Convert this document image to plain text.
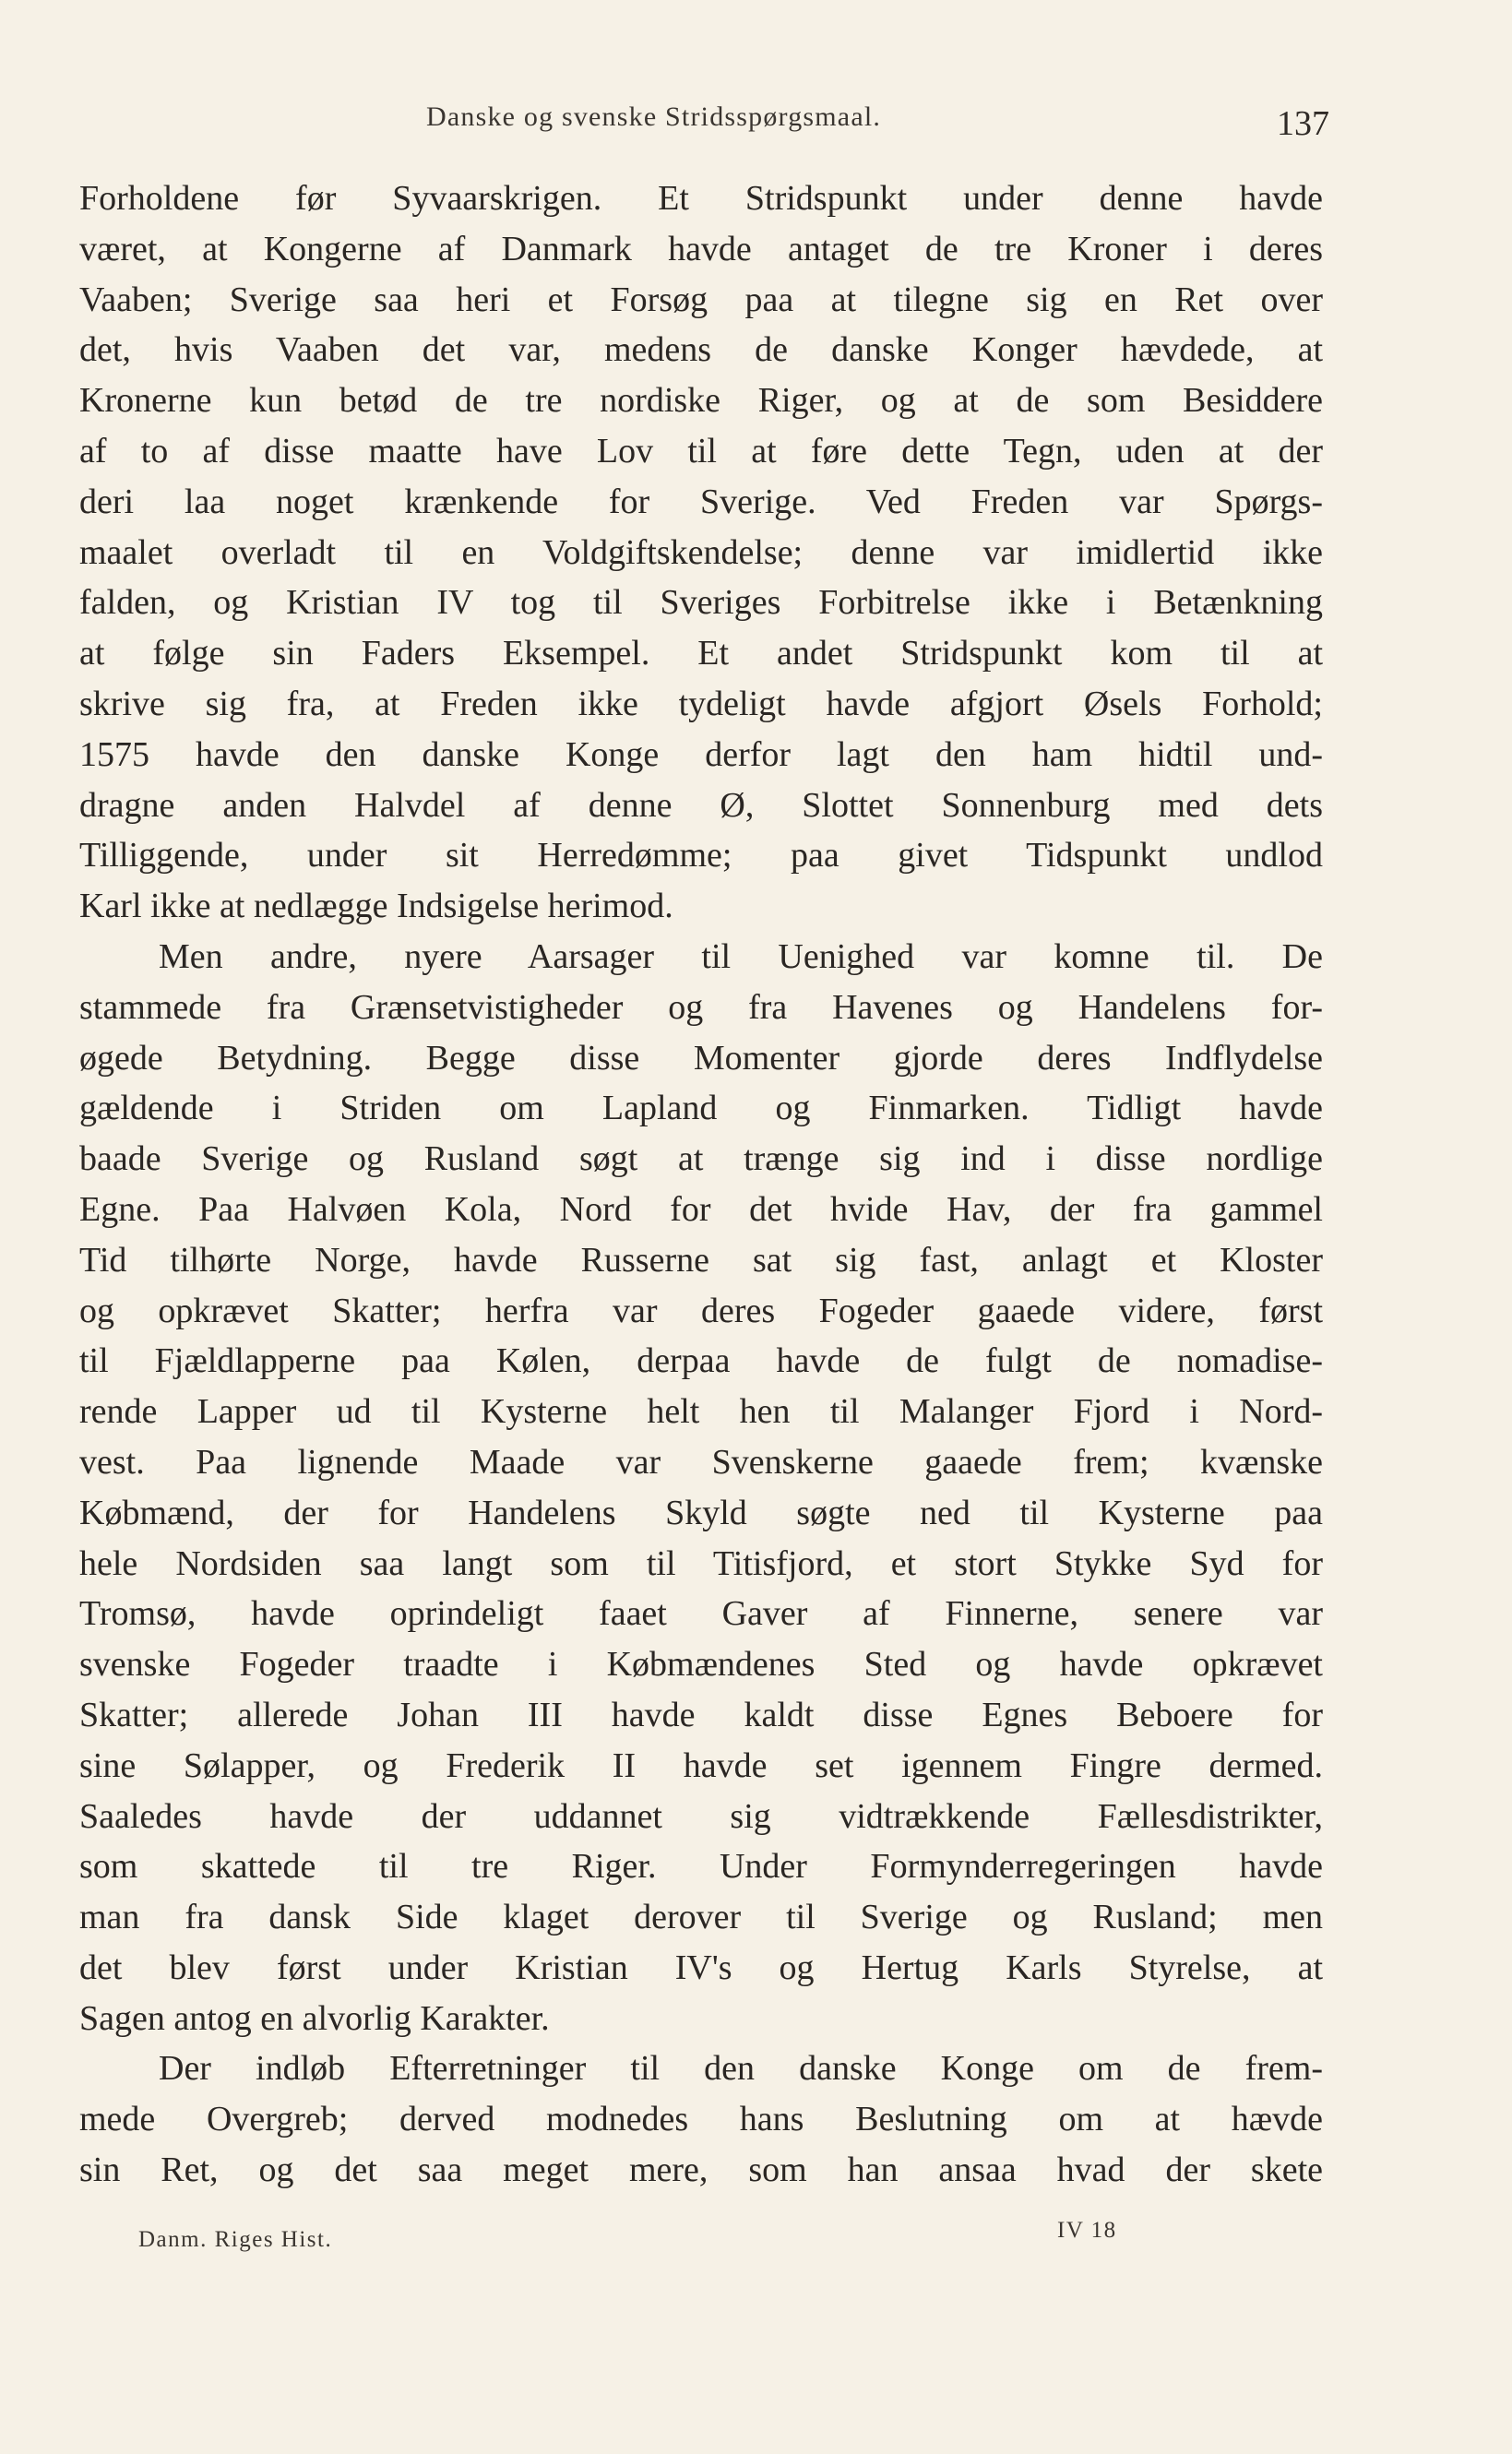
Danske og svenske Stridsspørgsmaal.	137
Forholdene før Syvaarskrigen. Et Stridspunkt under denne havde
været, at Kongerne af Danmark havde antaget de tre Kroner i deres
Vaaben; Sverige saa heri et Forsøg paa at tilegne sig en Ret over
det, hvis Vaaben det var, medens de danske Konger hævdede, at
Kronerne kun betød de tre nordiske Riger, og at de som Besiddere
af to af disse maatte have Lov til at føre dette Tegn, uden at der
deri laa noget krænkende for Sverige. Ved Freden var Spørgs-
maalet overladt til en Voldgiftskendelse; denne var imidlertid ikke
falden, og Kristian IV tog til Sveriges Forbitrelse ikke i Betænkning
at følge sin Faders Eksempel. Et andet Stridspunkt kom til at
skrive sig fra, at Freden ikke tydeligt havde afgjort Øsels Forhold;
1575 havde den danske Konge derfor lagt den ham hidtil und-
dragne anden Halvdel af denne Ø, Slottet Sonnenburg med dets
Tilliggende, under sit Herredømme; paa givet Tidspunkt undlod
Karl ikke at nedlægge Indsigelse herimod.
Men andre, nyere Aarsager til Uenighed var komne til. De
stammede fra Grænsetvistigheder og fra Havenes og Handelens for-
øgede Betydning. Begge disse Momenter gjorde deres Indflydelse
gældende i Striden om Lapland og Finmarken. Tidligt havde
baade Sverige og Rusland søgt at trænge sig ind i disse nordlige
Egne. Paa Halvøen Kola, Nord for det hvide Hav, der fra gammel
Tid tilhørte Norge, havde Russerne sat sig fast, anlagt et Kloster
og opkrævet Skatter; herfra var deres Fogeder gaaede videre, først
til Fjældlapperne paa Kølen, derpaa havde de fulgt de nomadise-
rende Lapper ud til Kysterne helt hen til Malanger Fjord i Nord-
vest. Paa lignende Maade var Svenskerne gaaede frem; kvænske
Købmænd, der for Handelens Skyld søgte ned til Kysterne paa
hele Nordsiden saa langt som til Titisfjord, et stort Stykke Syd for
Tromsø, havde oprindeligt faaet Gaver af Finnerne, senere var
svenske Fogeder traadte i Købmændenes Sted og havde opkrævet
Skatter; allerede Johan III havde kaldt disse Egnes Beboere for
sine Sølapper, og Frederik II havde set igennem Fingre dermed.
Saaledes havde der uddannet sig vidtrækkende Fællesdistrikter,
som skattede til tre Riger. Under Formynderregeringen havde
man fra dansk Side klaget derover til Sverige og Rusland; men
det blev først under Kristian IV's og Hertug Karls Styrelse, at
Sagen antog en alvorlig Karakter.
Der indløb Efterretninger til den danske Konge om de frem-
mede Overgreb; derved modnedes hans Beslutning om at hævde
sin Ret, og det saa meget mere, som han ansaa hvad der skete
Danm. Riges Hist.	IV 18
